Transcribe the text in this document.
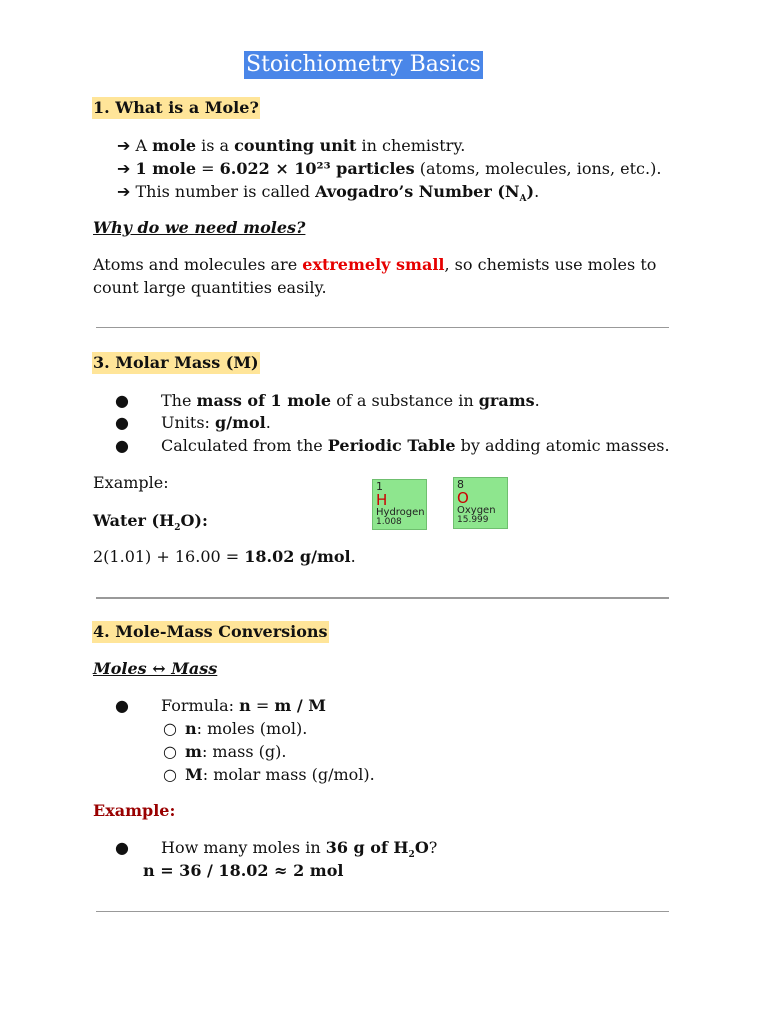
Stoichiometry Basics
1. What is a Mole?
➔ A mole is a counting unit in chemistry.
➔ 1 mole = 6.022 × 10²³ particles (atoms, molecules, ions, etc.).
➔ This number is called Avogadro’s Number $(N_A)$.
Why do we need moles?
Atoms and molecules are extremely small, so chemists use moles to
count large quantities easily.
3. Molar Mass (M)
● The mass of 1 mole of a substance in grams.
● Units: g/mol.
● Calculated from the Periodic Table by adding atomic masses.
Example:
Water $(H_2O)$:
2(1.01) + 16.00 = 18.02 g/mol.
1
H
Hydrogen
1.008
8
O
Oxygen
15.999
4. Mole-Mass Conversions
Moles ↔ Mass
● Formula: n = m / M
○ n: moles (mol).
○ m: mass (g).
○ M: molar mass (g/mol).
Example:
● How many moles in 36 g of $H_2O$?
n = 36 / 18.02 ≈ 2 mol
